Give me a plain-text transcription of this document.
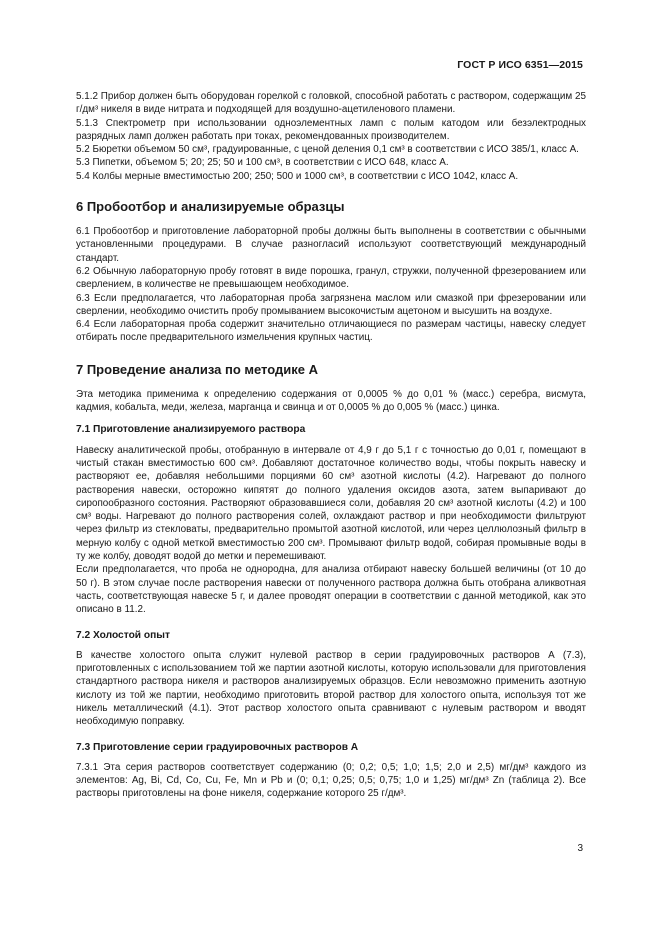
ГОСТ Р ИСО 6351—2015

5.1.2 Прибор должен быть оборудован горелкой с головкой, способной работать с раствором, содержащим 25 г/дм³ никеля в виде нитрата и подходящей для воздушно-ацетиленового пламени.

5.1.3 Спектрометр при использовании одноэлементных ламп с полым катодом или безэлектродных разрядных ламп должен работать при токах, рекомендованных производителем.

5.2 Бюретки объемом 50 см³, градуированные, с ценой деления 0,1 см³ в соответствии с ИСО 385/1, класс А.

5.3 Пипетки, объемом 5; 20; 25; 50 и 100 см³, в соответствии с ИСО 648, класс А.

5.4 Колбы мерные вместимостью 200; 250; 500 и 1000 см³, в соответствии с ИСО 1042, класс А.

6 Пробоотбор и анализируемые образцы

6.1 Пробоотбор и приготовление лабораторной пробы должны быть выполнены в соответствии с обычными установленными процедурами. В случае разногласий используют соответствующий международный стандарт.

6.2 Обычную лабораторную пробу готовят в виде порошка, гранул, стружки, полученной фрезерованием или сверлением, в количестве не превышающем необходимое.

6.3 Если предполагается, что лабораторная проба загрязнена маслом или смазкой при фрезеровании или сверлении, необходимо очистить пробу промыванием высокочистым ацетоном и высушить на воздухе.

6.4 Если лабораторная проба содержит значительно отличающиеся по размерам частицы, навеску следует отбирать после предварительного измельчения крупных частиц.

7 Проведение анализа по методике А

Эта методика применима к определению содержания от 0,0005 % до 0,01 % (масс.) серебра, висмута, кадмия, кобальта, меди, железа, марганца и свинца и от 0,0005 % до 0,005 % (масс.) цинка.

7.1 Приготовление анализируемого раствора

Навеску аналитической пробы, отобранную в интервале от 4,9 г до 5,1 г с точностью до 0,01 г, помещают в чистый стакан вместимостью 600 см³. Добавляют достаточное количество воды, чтобы покрыть навеску и растворяют ее, добавляя небольшими порциями 60 см³ азотной кислоты (4.2). Нагревают до полного растворения навески, осторожно кипятят до полного удаления оксидов азота, затем выпаривают до сиропообразного состояния. Растворяют образовавшиеся соли, добавляя 20 см³ азотной кислоты (4.2) и 100 см³ воды. Нагревают до полного растворения солей, охлаждают раствор и при необходимости фильтруют через фильтр из стекловаты, предварительно промытой азотной кислотой, или через целлюлозный фильтр в мерную колбу с одной меткой вместимостью 200 см³. Промывают фильтр водой, собирая промывные воды в ту же колбу, доводят водой до метки и перемешивают.

Если предполагается, что проба не однородна, для анализа отбирают навеску большей величины (от 10 до 50 г). В этом случае после растворения навески от полученного раствора должна быть отобрана аликвотная часть, соответствующая навеске 5 г, и далее проводят операции в соответствии с данной методикой, как это описано в 11.2.

7.2 Холостой опыт

В качестве холостого опыта служит нулевой раствор в серии градуировочных растворов А (7.3), приготовленных с использованием той же партии азотной кислоты, которую использовали для приготовления стандартного раствора никеля и растворов анализируемых образцов. Если невозможно применить азотную кислоту из той же партии, необходимо приготовить второй раствор для холостого опыта, используя тот же никель металлический (4.1). Этот раствор холостого опыта сравнивают с нулевым раствором и вводят необходимую поправку.

7.3 Приготовление серии градуировочных растворов А

7.3.1 Эта серия растворов соответствует содержанию (0; 0,2; 0,5; 1,0; 1,5; 2,0 и 2,5) мг/дм³ каждого из элементов: Ag, Bi, Cd, Co, Cu, Fe, Mn и Pb и (0; 0,1; 0,25; 0,5; 0,75; 1,0 и 1,25) мг/дм³ Zn (таблица 2). Все растворы приготовлены на фоне никеля, содержание которого 25 г/дм³.

3
